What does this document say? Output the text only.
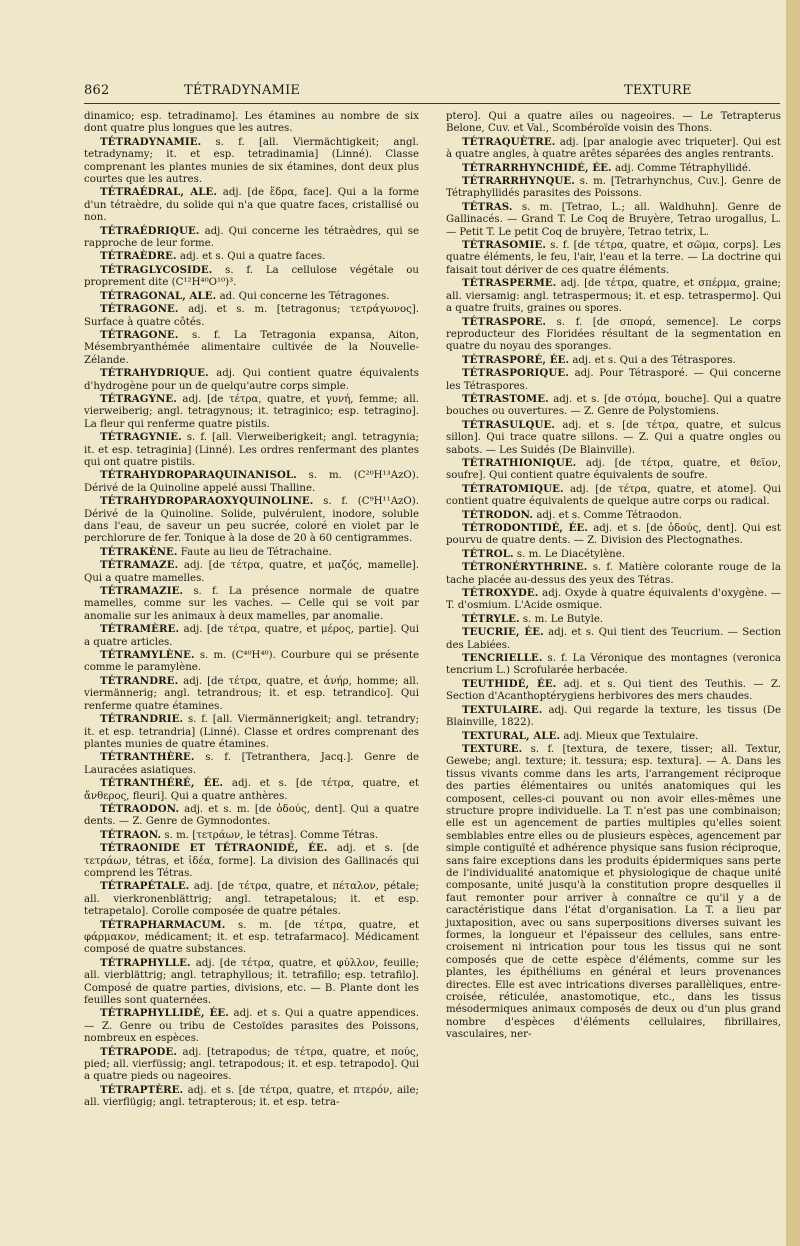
862	TÉTRADYNAMIE	TEXTURE

dinamico; esp. tetradinamo]. Les étamines au nombre de six dont quatre plus longues que les autres.

TÉTRADYNAMIE. s. f. [all. Viermächtigkeit; angl. tetradynamy; it. et esp. tetradinamia] (Linné). Classe comprenant les plantes munies de six étamines, dont deux plus courtes que les autres.

TÉTRAÉDRAL, ALE. adj. [de ἕδρα, face]. Qui a la forme d'un tétraèdre, du solide qui n'a que quatre faces, cristallisé ou non.

TÉTRAÉDRIQUE. adj. Qui concerne les tétraèdres, qui se rapproche de leur forme.

TÉTRAÈDRE. adj. et s. Qui a quatre faces.

TÉTRAGLYCOSIDE. s. f. La cellulose végétale ou proprement dite (C¹²H⁴⁰O¹⁰)³.

TÉTRAGONAL, ALE. ad. Qui concerne les Tétragones.

TÉTRAGONE. adj. et s. m. [tetragonus; τετράγωνος]. Surface à quatre côtés.

TÉTRAGONE. s. f. La Tetragonia expansa, Aiton, Mésembryanthémée alimentaire cultivée de la Nouvelle-Zélande.

TÉTRAHYDRIQUE. adj. Qui contient quatre équivalents d'hydrogène pour un de quelqu'autre corps simple.

TÉTRAGYNE. adj. [de τέτρα, quatre, et γυνή, femme; all. vierweiberig; angl. tetragynous; it. tetraginico; esp. tetragino]. La fleur qui renferme quatre pistils.

TÉTRAGYNIE. s. f. [all. Vierweiberigkeit; angl. tetragynia; it. et esp. tetraginia] (Linné). Les ordres renfermant des plantes qui ont quatre pistils.

TÉTRAHYDROPARAQUINANISOL. s. m. (C²⁰H¹³AzO). Dérivé de la Quinoline appelé aussi Thalline.

TÉTRAHYDROPARAOXYQUINOLINE. s. f. (C⁹H¹¹AzO). Dérivé de la Quinoline. Solide, pulvérulent, inodore, soluble dans l'eau, de saveur un peu sucrée, coloré en violet par le perchlorure de fer. Tonique à la dose de 20 à 60 centigrammes.

TÉTRAKÈNE. Faute au lieu de Tétrachaine.

TÉTRAMAZE. adj. [de τέτρα, quatre, et μαζός, mamelle]. Qui a quatre mamelles.

TÉTRAMAZIE. s. f. La présence normale de quatre mamelles, comme sur les vaches. — Celle qui se voit par anomalie sur les animaux à deux mamelles, par anomalie.

TÉTRAMÈRE. adj. [de τέτρα, quatre, et μέρος, partie]. Qui a quatre articles.

TÉTRAMYLÈNE. s. m. (C⁴⁰H⁴⁰). Courbure qui se présente comme le paramylène.

TÉTRANDRE. adj. [de τέτρα, quatre, et ἀνήρ, homme; all. viermännerig; angl. tetrandrous; it. et esp. tetrandico]. Qui renferme quatre étamines.

TÉTRANDRIE. s. f. [all. Viermännerigkeit; angl. tetrandry; it. et esp. tetrandria] (Linné). Classe et ordres comprenant des plantes munies de quatre étamines.

TÉTRANTHÈRE. s. f. [Tetranthera, Jacq.]. Genre de Lauracées asiatiques.

TÉTRANTHÉRÉ, ÉE. adj. et s. [de τέτρα, quatre, et ἄνθερος, fleuri]. Qui a quatre anthères.

TÉTRAODON. adj. et s. m. [de ὀδούς, dent]. Qui a quatre dents. — Z. Genre de Gymnodontes.

TÉTRAON. s. m. [τετράων, le tétras]. Comme Tétras.

TÉTRAONIDE ET TÉTRAONIDÉ, ÉE. adj. et s. [de τετράων, tétras, et ἰδέα, forme]. La division des Gallinacés qui comprend les Tétras.

TÉTRAPÉTALE. adj. [de τέτρα, quatre, et πέταλον, pétale; all. vierkronenblättrig; angl. tetrapetalous; it. et esp. tetrapetalo]. Corolle composée de quatre pétales.

TÉTRAPHARMACUM. s. m. [de τέτρα, quatre, et φάρμακον, médicament; it. et esp. tetrafarmaco]. Médicament composé de quatre substances.

TÉTRAPHYLLE. adj. [de τέτρα, quatre, et φύλλον, feuille; all. vierblättrig; angl. tetraphyllous; it. tetrafillo; esp. tetrafilo]. Composé de quatre parties, divisions, etc. — B. Plante dont les feuilles sont quaternées.

TÉTRAPHYLLIDÉ, ÉE. adj. et s. Qui a quatre appendices. — Z. Genre ou tribu de Cestoïdes parasites des Poissons, nombreux en espèces.

TÉTRAPODE. adj. [tetrapodus; de τέτρα, quatre, et πούς, pied; all. vierfüssig; angl. tetrapodous; it. et esp. tetrapodo]. Qui a quatre pieds ou nageoires.

TÉTRAPTÈRE. adj. et s. [de τέτρα, quatre, et πτερόν, aile; all. vierflügig; angl. tetrapterous; it. et esp. tetra-

ptero]. Qui a quatre ailes ou nageoires. — Le Tetrapterus Belone, Cuv. et Val., Scombéroïde voisin des Thons.

TÉTRAQUÈTRE. adj. [par analogie avec triqueter]. Qui est à quatre angles, à quatre arêtes séparées des angles rentrants.

TÉTRARRHYNCHIDÉ, ÉE. adj. Comme Tétraphyllidé.

TÉTRARRHYNQUE. s. m. [Tetrarhynchus, Cuv.]. Genre de Tétraphyllidés parasites des Poissons.

TÉTRAS. s. m. [Tetrao, L.; all. Waldhuhn]. Genre de Gallinacés. — Grand T. Le Coq de Bruyère, Tetrao urogallus, L. — Petit T. Le petit Coq de bruyère, Tetrao tetrix, L.

TÉTRASOMIE. s. f. [de τέτρα, quatre, et σῶμα, corps]. Les quatre éléments, le feu, l'air, l'eau et la terre. — La doctrine qui faisait tout dériver de ces quatre éléments.

TÉTRASPERME. adj. [de τέτρα, quatre, et σπέρμα, graine; all. viersamig: angl. tetraspermous; it. et esp. tetraspermo]. Qui a quatre fruits, graines ou spores.

TÉTRASPORE. s. f. [de σπορά, semence]. Le corps reproducteur des Floridées résultant de la segmentation en quatre du noyau des sporanges.

TÉTRASPORÉ, ÉE. adj. et s. Qui a des Tétraspores.

TÉTRASPORIQUE. adj. Pour Tétrasporé. — Qui concerne les Tétraspores.

TÉTRASTOME. adj. et s. [de στόμα, bouche]. Qui a quatre bouches ou ouvertures. — Z. Genre de Polystomiens.

TÉTRASULQUE. adj. et s. [de τέτρα, quatre, et sulcus sillon]. Qui trace quatre sillons. — Z. Qui a quatre ongles ou sabots. — Les Suidés (De Blainville).

TÉTRATHIONIQUE. adj. [de τέτρα, quatre, et θεῖον, soufre]. Qui contient quatre équivalents de soufre.

TÉTRATOMIQUE. adj. [de τέτρα, quatre, et atome]. Qui contient quatre équivalents de quelque autre corps ou radical.

TÉTRODON. adj. et s. Comme Tétraodon.

TÉTRODONTIDÉ, ÉE. adj. et s. [de ὀδούς, dent]. Qui est pourvu de quatre dents. — Z. Division des Plectognathes.

TÉTROL. s. m. Le Diacétylène.

TÉTRONÉRYTHRINE. s. f. Matière colorante rouge de la tache placée au-dessus des yeux des Tétras.

TÉTROXYDE. adj. Oxyde à quatre équivalents d'oxygène. — T. d'osmium. L'Acide osmique.

TÉTRYLE. s. m. Le Butyle.

TEUCRIE, ÉE. adj. et s. Qui tient des Teucrium. — Section des Labiées.

TENCRIELLE. s. f. La Véronique des montagnes (veronica tencrium L.) Scrofularée herbacée.

TEUTHIDÉ, ÉE. adj. et s. Qui tient des Teuthis. — Z. Section d'Acanthoptérygiens herbivores des mers chaudes.

TEXTULAIRE. adj. Qui regarde la texture, les tissus (De Blainville, 1822).

TEXTURAL, ALE. adj. Mieux que Textulaire.

TEXTURE. s. f. [textura, de texere, tisser; all. Textur, Gewebe; angl. texture; it. tessura; esp. textura]. — A. Dans les tissus vivants comme dans les arts, l'arrangement réciproque des parties élémentaires ou unités anatomiques qui les composent, celles-ci pouvant ou non avoir elles-mêmes une structure propre individuelle. La T. n'est pas une combinaison; elle est un agencement de parties multiples qu'elles soient semblables entre elles ou de plusieurs espèces, agencement par simple contiguïté et adhérence physique sans fusion réciproque, sans faire exceptions dans les produits épidermiques sans perte de l'individualité anatomique et physiologique de chaque unité composante, unité jusqu'à la constitution propre desquelles il faut remonter pour arriver à connaître ce qu'il y a de caractéristique dans l'état d'organisation. La T. a lieu par juxtaposition, avec ou sans superpositions diverses suivant les formes, la longueur et l'épaisseur des cellules, sans entre-croisement ni intrication pour tous les tissus qui ne sont composés que de cette espèce d'éléments, comme sur les plantes, les épithéliums en général et leurs provenances directes. Elle est avec intrications diverses parallèliques, entre-croisée, réticulée, anastomotique, etc., dans les tissus mésodermiques animaux composés de deux ou d'un plus grand nombre d'espèces d'éléments cellulaires, fibrillaires, vasculaires, ner-
